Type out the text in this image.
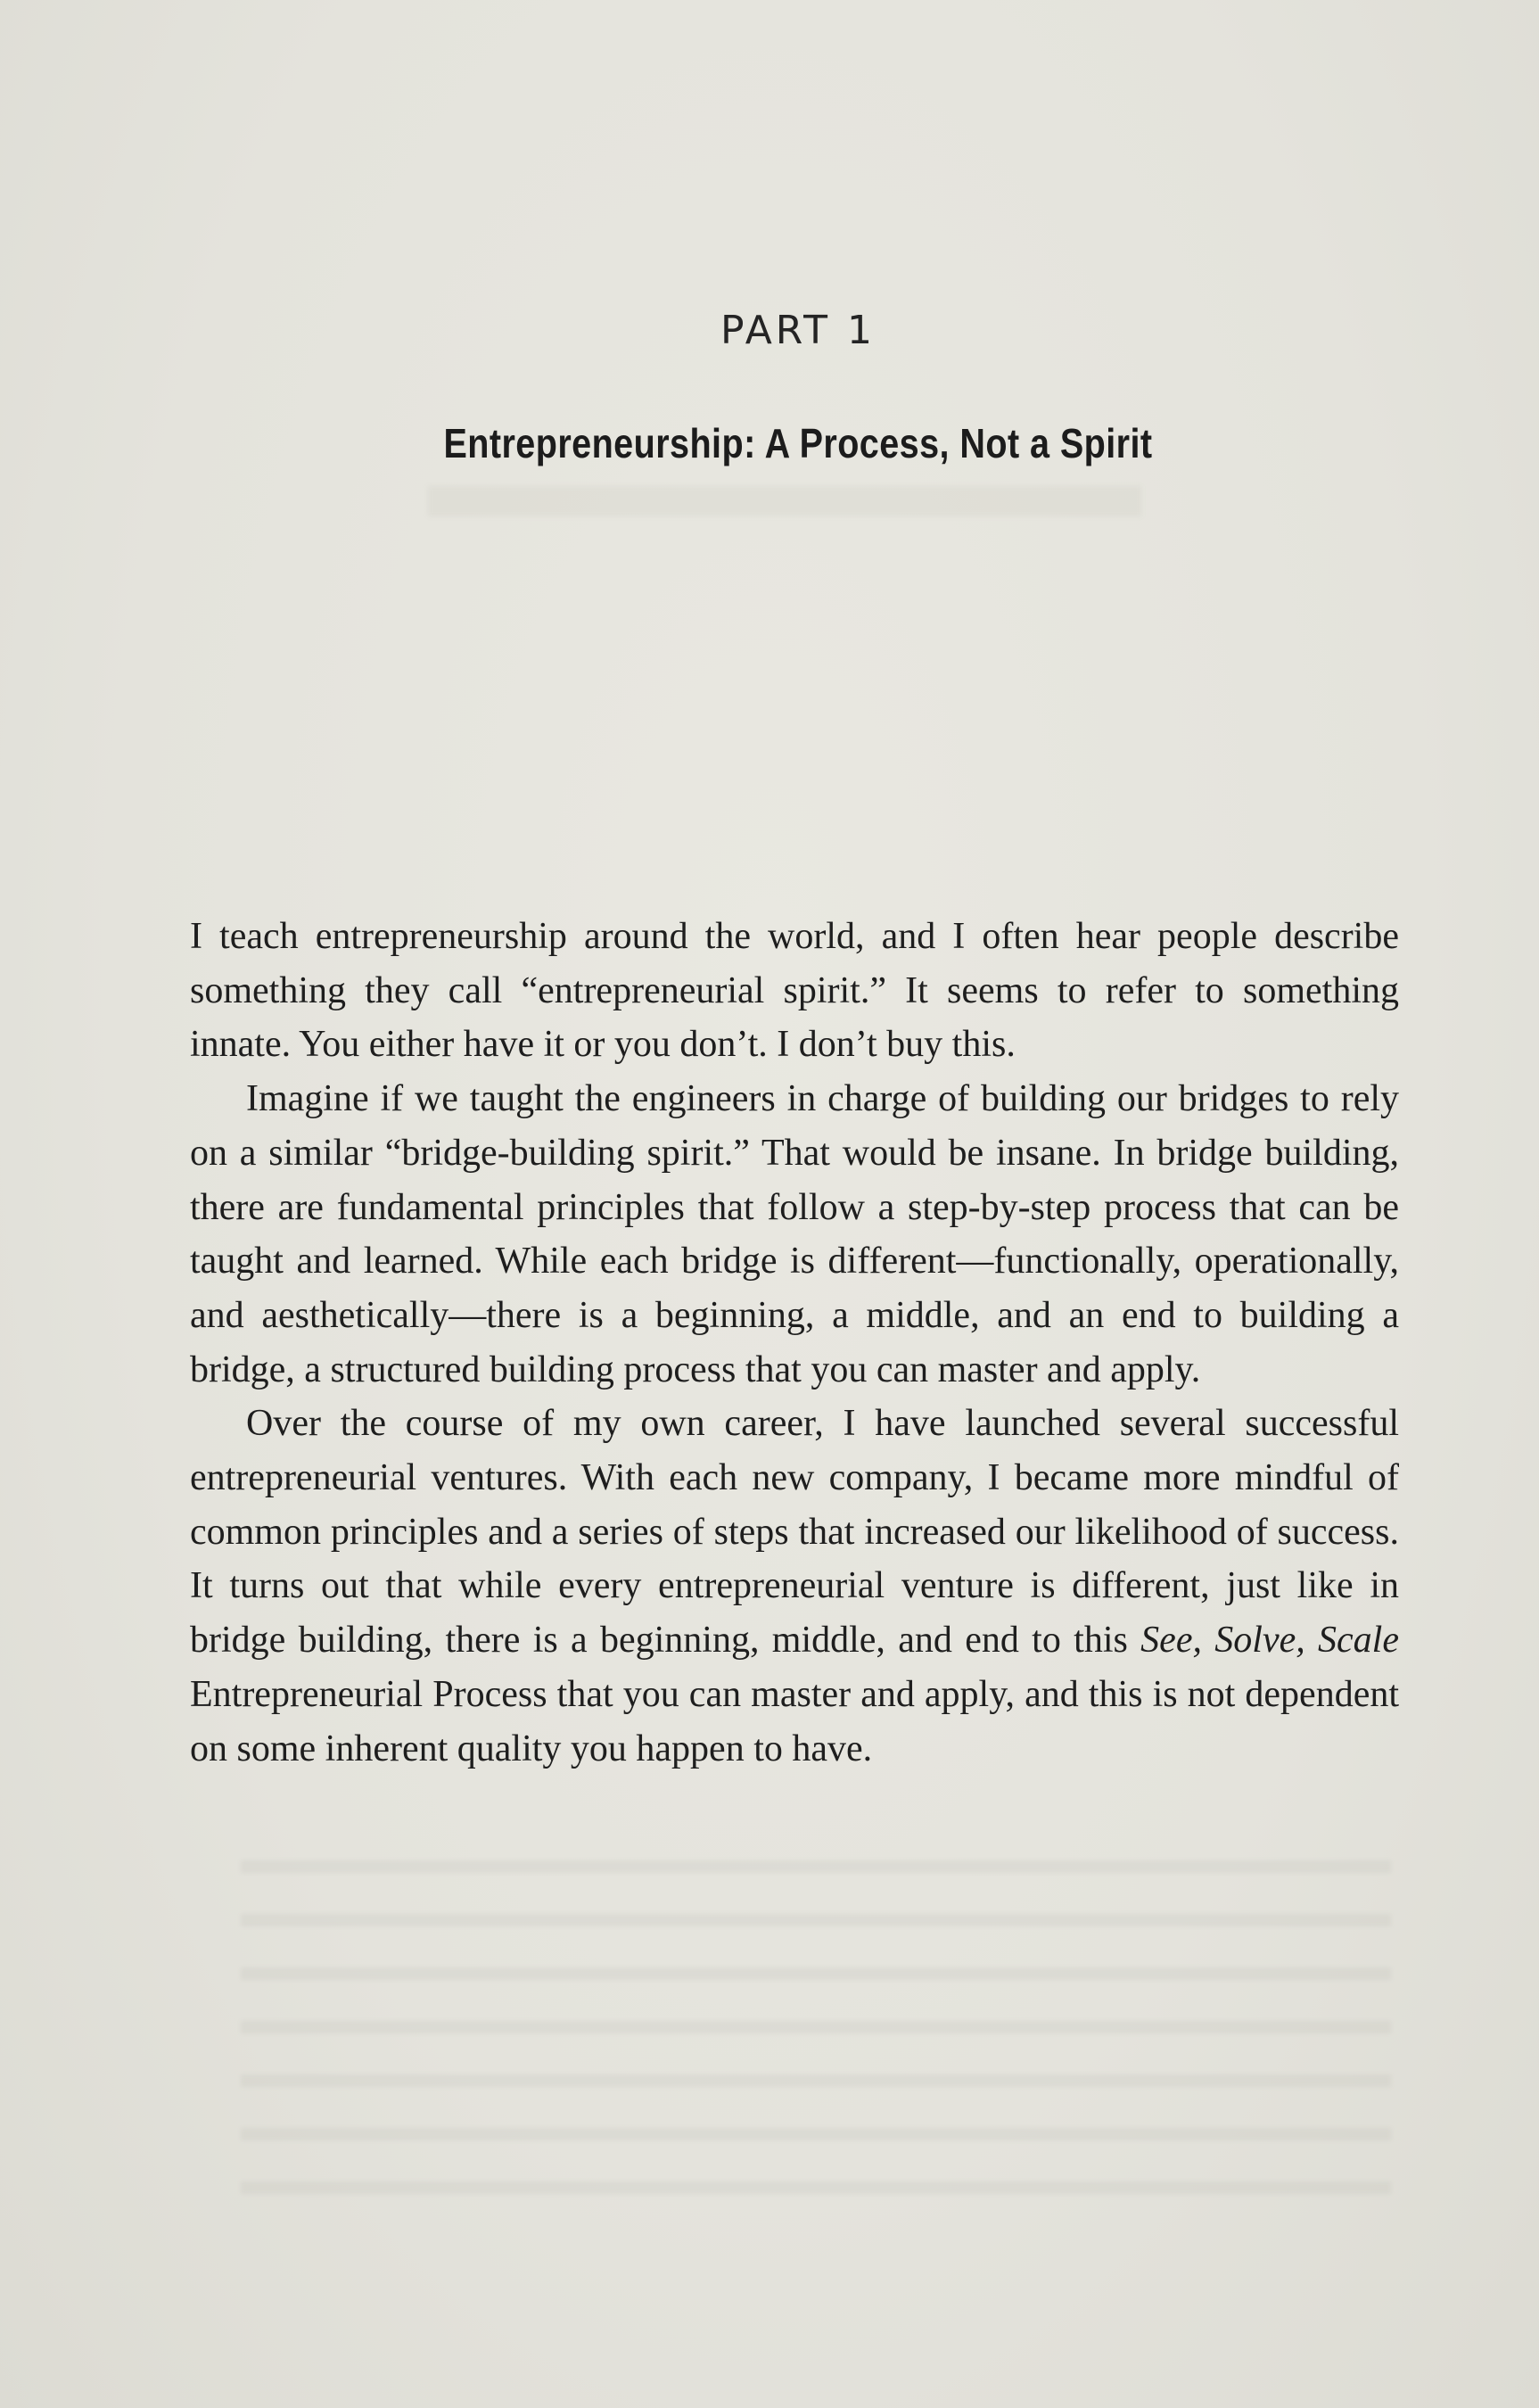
PART 1
Entrepreneurship: A Process, Not a Spirit

I teach entrepreneurship around the world, and I often hear people describe something they call “entrepreneurial spirit.” It seems to refer to something innate. You either have it or you don’t. I don’t buy this.

Imagine if we taught the engineers in charge of building our bridges to rely on a similar “bridge-building spirit.” That would be insane. In bridge building, there are fundamental principles that follow a step-by-step process that can be taught and learned. While each bridge is different—functionally, operationally, and aesthetically—there is a beginning, a middle, and an end to building a bridge, a structured building process that you can master and apply.

Over the course of my own career, I have launched several successful entrepreneurial ventures. With each new company, I became more mindful of common principles and a series of steps that increased our likelihood of success. It turns out that while every entrepreneurial venture is different, just like in bridge building, there is a beginning, middle, and end to this See, Solve, Scale Entrepreneurial Process that you can master and apply, and this is not dependent on some inherent quality you happen to have.
